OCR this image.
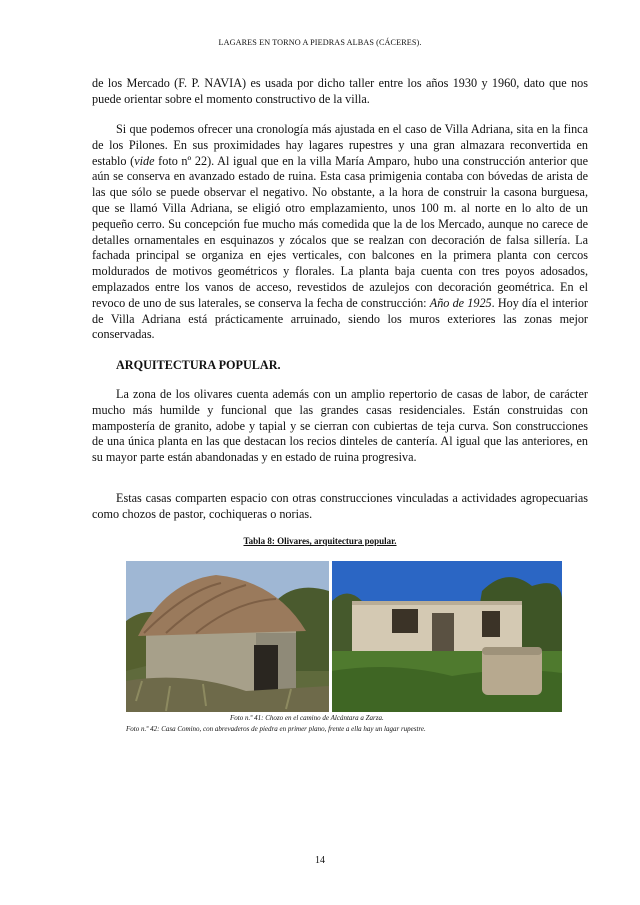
LAGARES EN TORNO A PIEDRAS ALBAS (CÁCERES).

de los Mercado (F. P. NAVIA) es usada por dicho taller entre los años 1930 y 1960, dato que nos puede orientar sobre el momento constructivo de la villa.

Si que podemos ofrecer una cronología más ajustada en el caso de Villa Adriana, sita en la finca de los Pilones. En sus proximidades hay lagares rupestres y una gran almazara reconvertida en establo (vide foto nº 22). Al igual que en la villa María Amparo, hubo una construcción anterior que aún se conserva en avanzado estado de ruina. Esta casa primigenia contaba con bóvedas de arista de las que sólo se puede observar el negativo. No obstante, a la hora de construir la casona burguesa, que se llamó Villa Adriana, se eligió otro emplazamiento, unos 100 m. al norte en lo alto de un pequeño cerro. Su concepción fue mucho más comedida que la de los Mercado, aunque no carece de detalles ornamentales en esquinazos y zócalos que se realzan con decoración de falsa sillería. La fachada principal se organiza en ejes verticales, con balcones en la primera planta con cercos moldurados de motivos geométricos y florales. La planta baja cuenta con tres poyos adosados, emplazados entre los vanos de acceso, revestidos de azulejos con decoración geométrica. En el revoco de uno de sus laterales, se conserva la fecha de construcción: Año de 1925. Hoy día el interior de Villa Adriana está prácticamente arruinado, siendo los muros exteriores las zonas mejor conservadas.

ARQUITECTURA POPULAR.

La zona de los olivares cuenta además con un amplio repertorio de casas de labor, de carácter mucho más humilde y funcional que las grandes casas residenciales. Están construidas con mampostería de granito, adobe y tapial y se cierran con cubiertas de teja curva. Son construcciones de una única planta en las que destacan los recios dinteles de cantería. Al igual que las anteriores, en su mayor parte están abandonadas y en estado de ruina progresiva.

Estas casas comparten espacio con otras construcciones vinculadas a actividades agropecuarias como chozos de pastor, cochiqueras o norias.

Tabla 8: Olivares, arquitectura popular.
Foto n.º 41: Chozo en el camino de Alcántara a Zarza.
Foto n.º 42: Casa Comino, con abrevaderos de piedra en primer plano, frente a ella hay un lagar rupestre.
14
